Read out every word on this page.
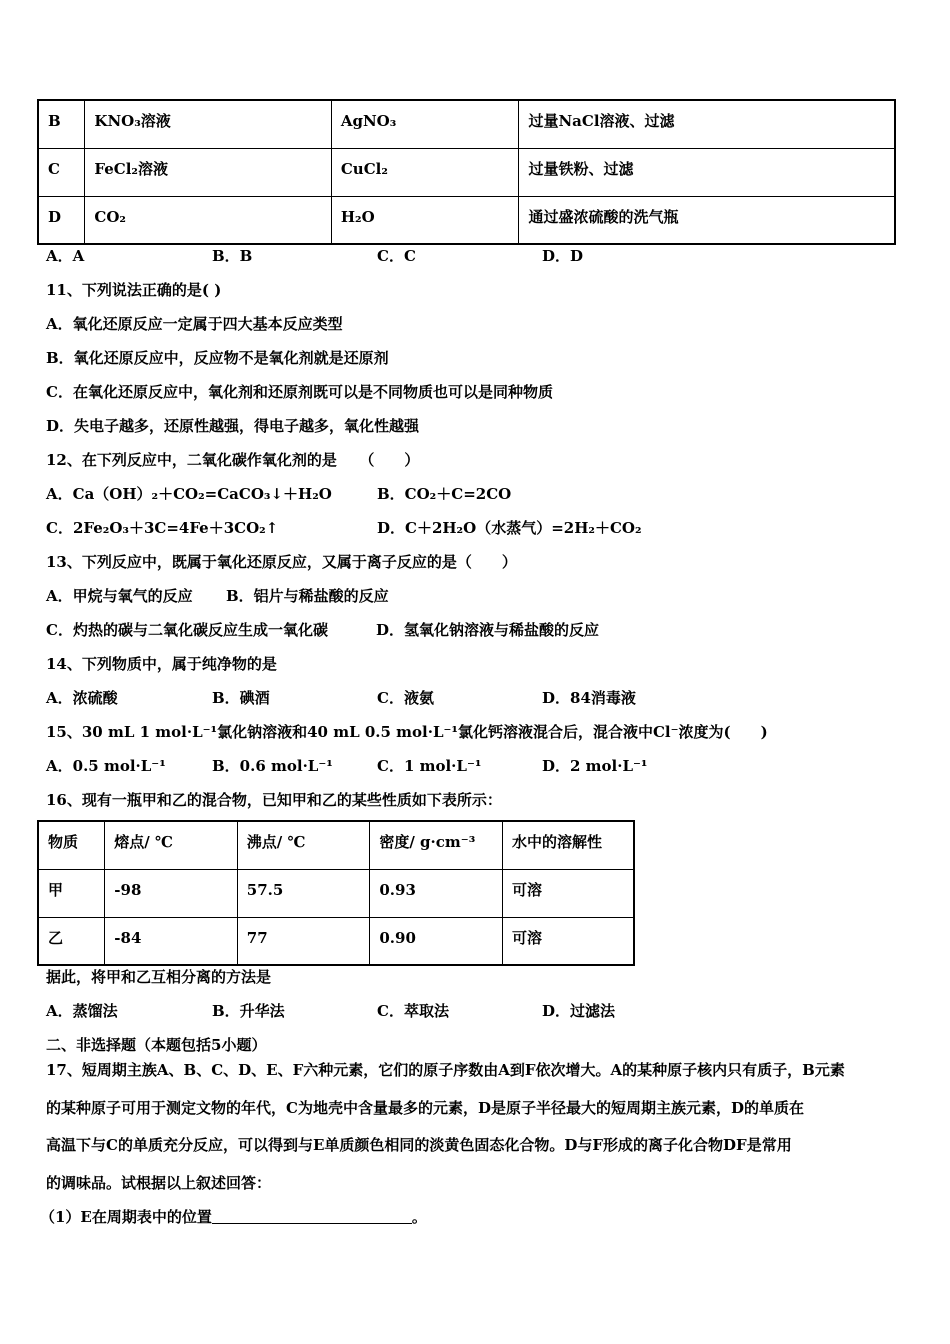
B	KNO₃溶液	AgNO₃	过量NaCl溶液、过滤
C	FeCl₂溶液	CuCl₂	过量铁粉、过滤
D	CO₂	H₂O	通过盛浓硫酸的洗气瓶
A．A	B．B	C．C	D．D
11、下列说法正确的是( )
A．氧化还原反应一定属于四大基本反应类型
B．氧化还原反应中，反应物不是氧化剂就是还原剂
C．在氧化还原反应中，氧化剂和还原剂既可以是不同物质也可以是同种物质
D．失电子越多，还原性越强，得电子越多，氧化性越强
12、在下列反应中，二氧化碳作氧化剂的是　　（　　）
A．Ca（OH）₂＋CO₂=CaCO₃↓＋H₂O	B．CO₂＋C=2CO
C．2Fe₂O₃＋3C=4Fe＋3CO₂↑	D．C＋2H₂O（水蒸气）=2H₂＋CO₂
13、下列反应中，既属于氧化还原反应，又属于离子反应的是（　　）
A．甲烷与氧气的反应 B．铝片与稀盐酸的反应
C．灼热的碳与二氧化碳反应生成一氧化碳	D．氢氧化钠溶液与稀盐酸的反应
14、下列物质中，属于纯净物的是
A．浓硫酸	B．碘酒	C．液氨	D．84消毒液
15、30 mL 1 mol·L⁻¹氯化钠溶液和40 mL 0.5 mol·L⁻¹氯化钙溶液混合后，混合液中Cl⁻浓度为(　　)
A．0.5 mol·L⁻¹	B．0.6 mol·L⁻¹	C．1 mol·L⁻¹	D．2 mol·L⁻¹
16、现有一瓶甲和乙的混合物，已知甲和乙的某些性质如下表所示：
物质	熔点/ ℃	沸点/ ℃	密度/ g·cm⁻³	水中的溶解性
甲	-98	57.5	0.93	可溶
乙	-84	77	0.90	可溶
据此，将甲和乙互相分离的方法是
A．蒸馏法	B．升华法	C．萃取法	D．过滤法
二、非选择题（本题包括5小题）
17、短周期主族A、B、C、D、E、F六种元素，它们的原子序数由A到F依次增大。A的某种原子核内只有质子，B元素
的某种原子可用于测定文物的年代，C为地壳中含量最多的元素，D是原子半径最大的短周期主族元素，D的单质在
高温下与C的单质充分反应，可以得到与E单质颜色相同的淡黄色固态化合物。D与F形成的离子化合物DF是常用
的调味品。试根据以上叙述回答：
（1）E在周期表中的位置	。
